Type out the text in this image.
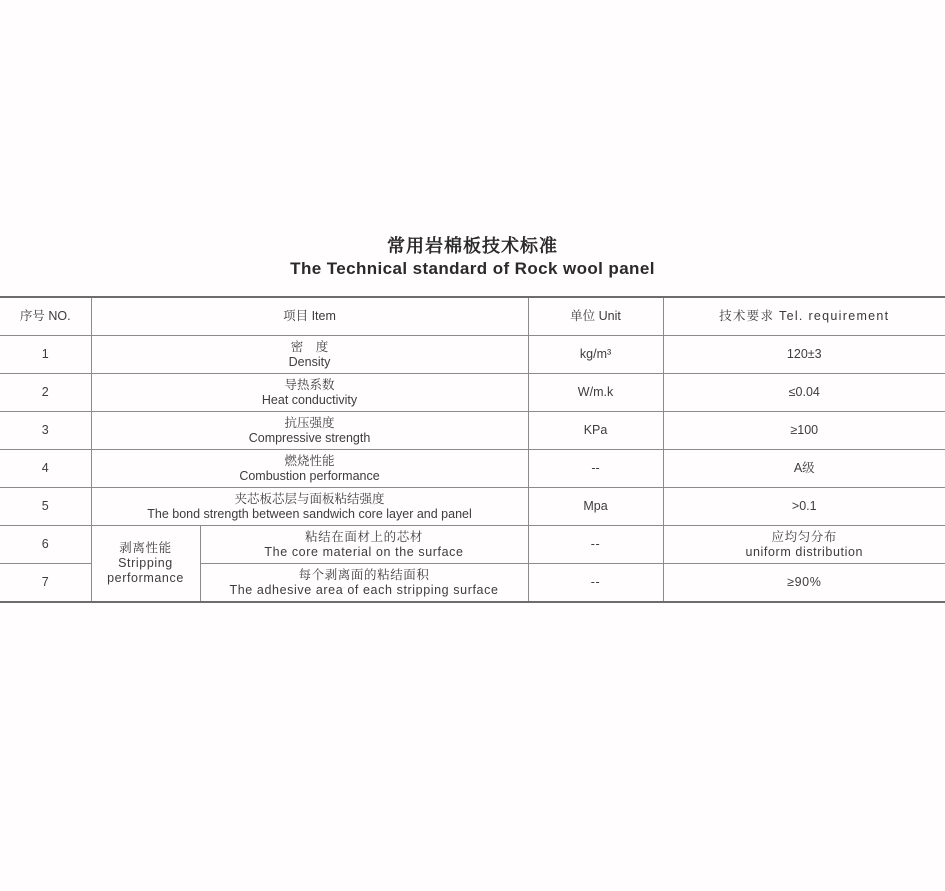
常用岩棉板技术标准

The Technical standard of Rock wool panel

序号 NO.	项目 Item		单位 Unit	技术要求 Tel. requirement
1	密　度
Density		kg/m³	120±3

2	导热系数
Heat conductivity		W/m.k	≤0.04

3	抗压强度
Compressive strength		KPa	≥100

4	燃烧性能
Combustion performance		--	A级

5	夹芯板芯层与面板粘结强度
The bond strength between sandwich core layer and panel		Mpa	>0.1

6	剥离性能
Stripping
performance	粘结在面材上的芯材
The core material on the surface	--	应均匀分布
uniform distribution

7		每个剥离面的粘结面积
The adhesive area of each stripping surface	--	≥90%
